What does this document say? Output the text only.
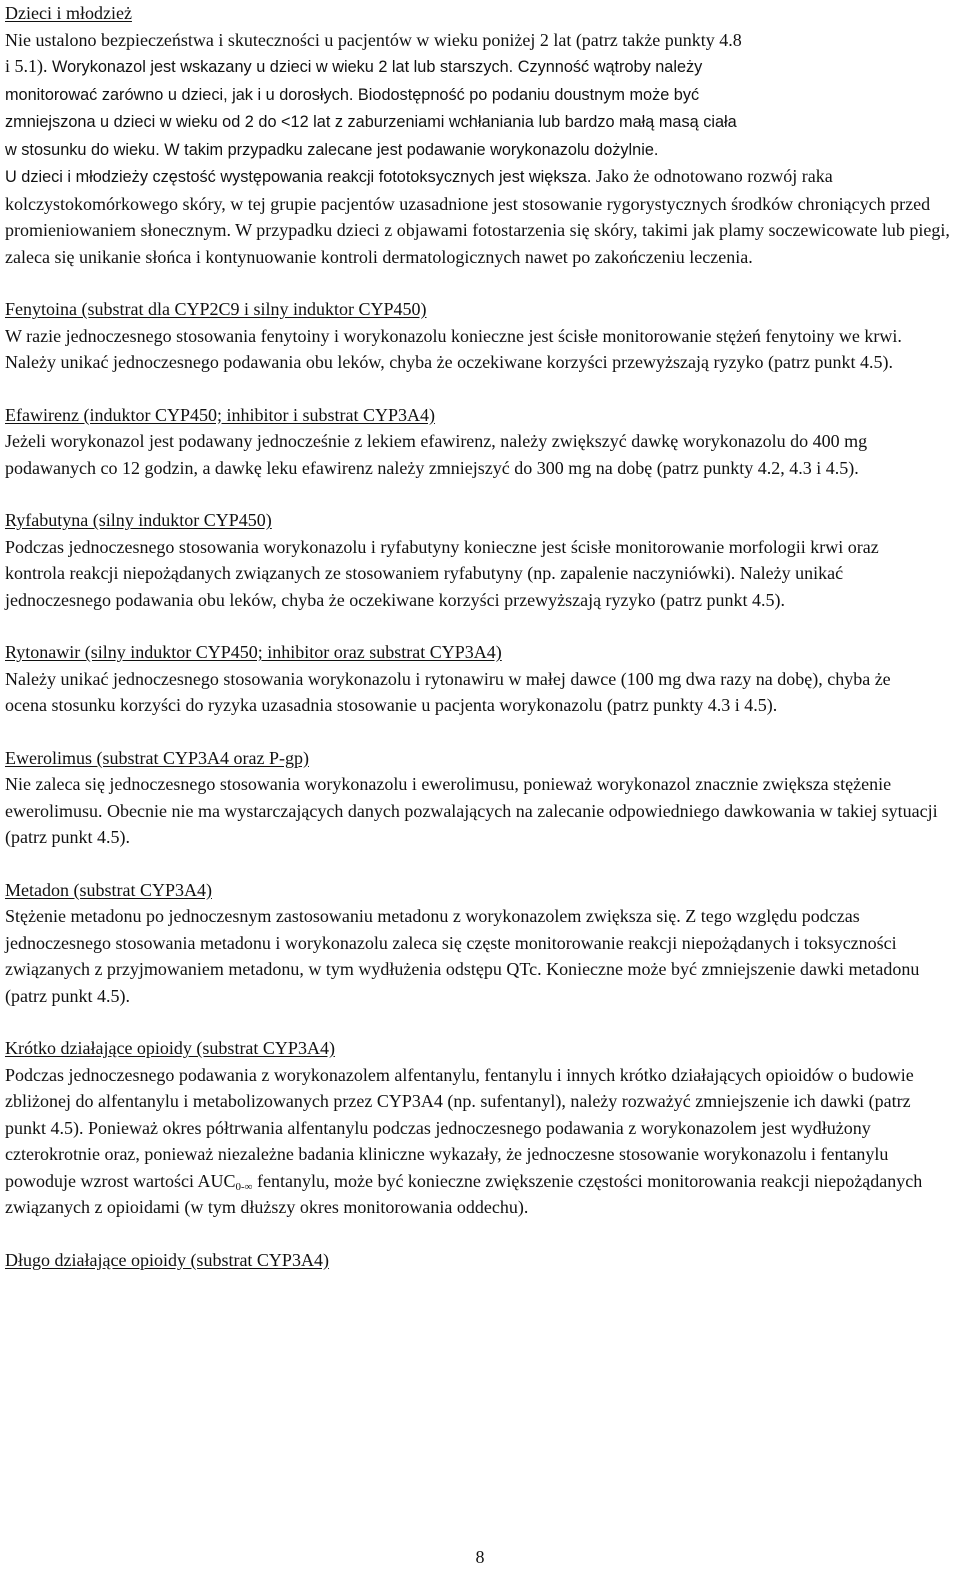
Dzieci i młodzież

Nie ustalono bezpieczeństwa i skuteczności u pacjentów w wieku poniżej 2 lat (patrz także punkty 4.8
i 5.1). Worykonazol jest wskazany u dzieci w wieku 2 lat lub starszych. Czynność wątroby należy
monitorować zarówno u dzieci, jak i u dorosłych. Biodostępność po podaniu doustnym może być
zmniejszona u dzieci w wieku od 2 do <12 lat z zaburzeniami wchłaniania lub bardzo małą masą ciała
w stosunku do wieku. W takim przypadku zalecane jest podawanie worykonazolu dożylnie.

U dzieci i młodzieży częstość występowania reakcji fototoksycznych jest większa. Jako że odnotowano rozwój raka kolczystokomórkowego skóry, w tej grupie pacjentów uzasadnione jest stosowanie rygorystycznych środków chroniących przed promieniowaniem słonecznym. W przypadku dzieci z objawami fotostarzenia się skóry, takimi jak plamy soczewicowate lub piegi, zaleca się unikanie słońca i kontynuowanie kontroli dermatologicznych nawet po zakończeniu leczenia.

Fenytoina (substrat dla CYP2C9 i silny induktor CYP450)

W razie jednoczesnego stosowania fenytoiny i worykonazolu konieczne jest ścisłe monitorowanie stężeń fenytoiny we krwi. Należy unikać jednoczesnego podawania obu leków, chyba że oczekiwane korzyści przewyższają ryzyko (patrz punkt 4.5).

Efawirenz (induktor CYP450; inhibitor i substrat CYP3A4)

Jeżeli worykonazol jest podawany jednocześnie z lekiem efawirenz, należy zwiększyć dawkę worykonazolu do 400 mg podawanych co 12 godzin, a dawkę leku efawirenz należy zmniejszyć do 300 mg na dobę (patrz punkty 4.2, 4.3 i 4.5).

Ryfabutyna (silny induktor CYP450)

Podczas jednoczesnego stosowania worykonazolu i ryfabutyny konieczne jest ścisłe monitorowanie morfologii krwi oraz kontrola reakcji niepożądanych związanych ze stosowaniem ryfabutyny (np. zapalenie naczyniówki). Należy unikać jednoczesnego podawania obu leków, chyba że oczekiwane korzyści przewyższają ryzyko (patrz punkt 4.5).

Rytonawir (silny induktor CYP450; inhibitor oraz substrat CYP3A4)

Należy unikać jednoczesnego stosowania worykonazolu i rytonawiru w małej dawce (100 mg dwa razy na dobę), chyba że ocena stosunku korzyści do ryzyka uzasadnia stosowanie u pacjenta worykonazolu (patrz punkty 4.3 i 4.5).

Ewerolimus (substrat CYP3A4 oraz P-gp)

Nie zaleca się jednoczesnego stosowania worykonazolu i ewerolimusu, ponieważ worykonazol znacznie zwiększa stężenie ewerolimusu. Obecnie nie ma wystarczających danych pozwalających na zalecanie odpowiedniego dawkowania w takiej sytuacji (patrz punkt 4.5).

Metadon (substrat CYP3A4)

Stężenie metadonu po jednoczesnym zastosowaniu metadonu z worykonazolem zwiększa się. Z tego względu podczas jednoczesnego stosowania metadonu i worykonazolu zaleca się częste monitorowanie reakcji niepożądanych i toksyczności związanych z przyjmowaniem metadonu, w tym wydłużenia odstępu QTc. Konieczne może być zmniejszenie dawki metadonu (patrz punkt 4.5).

Krótko działające opioidy (substrat CYP3A4)

Podczas jednoczesnego podawania z worykonazolem alfentanylu, fentanylu i innych krótko działających opioidów o budowie zbliżonej do alfentanylu i metabolizowanych przez CYP3A4 (np. sufentanyl), należy rozważyć zmniejszenie ich dawki (patrz punkt 4.5). Ponieważ okres półtrwania alfentanylu podczas jednoczesnego podawania z worykonazolem jest wydłużony czterokrotnie oraz, ponieważ niezależne badania kliniczne wykazały, że jednoczesne stosowanie worykonazolu i fentanylu powoduje wzrost wartości $AUC_{0-\infty}$ fentanylu, może być konieczne zwiększenie częstości monitorowania reakcji niepożądanych związanych z opioidami (w tym dłuższy okres monitorowania oddechu).

Długo działające opioidy (substrat CYP3A4)
8
